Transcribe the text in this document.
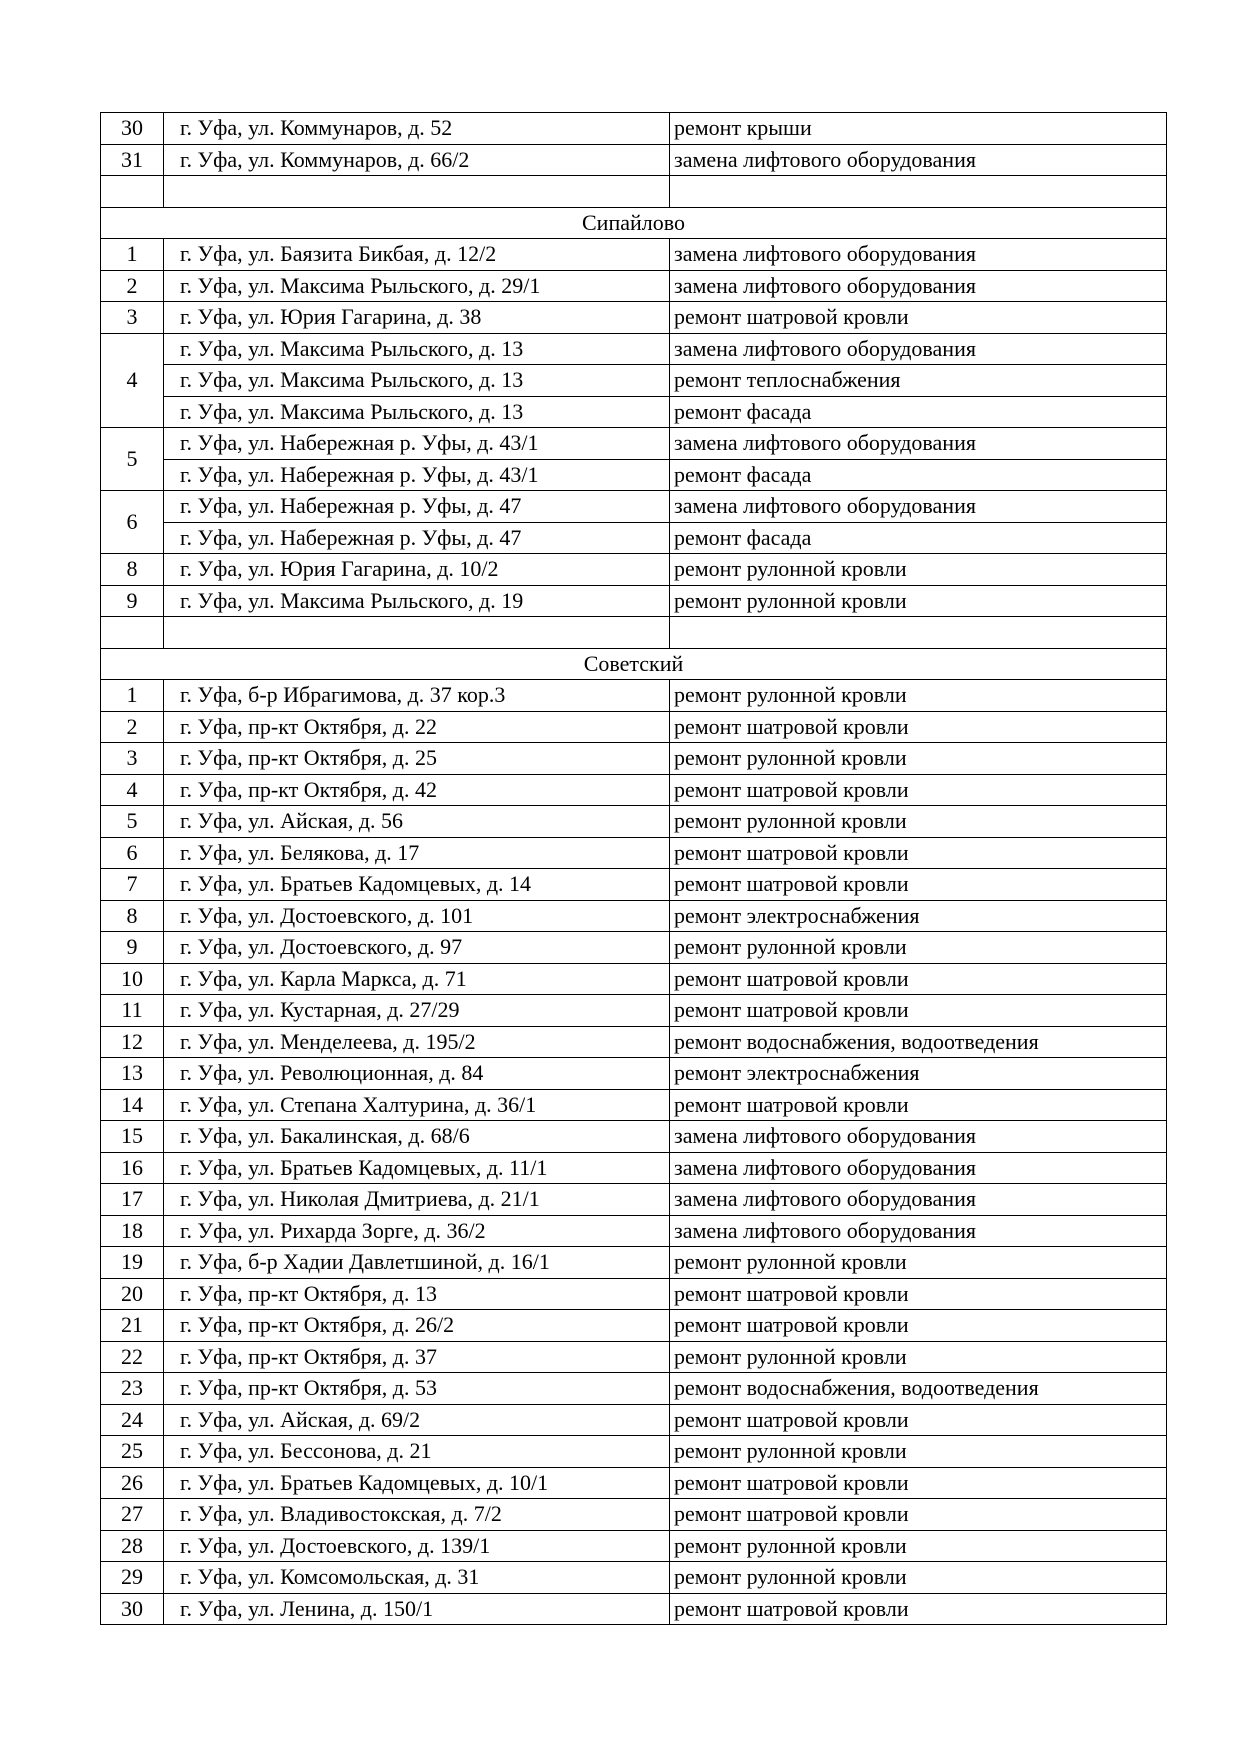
30	г. Уфа, ул. Коммунаров, д. 52	ремонт крыши
31	г. Уфа, ул. Коммунаров, д. 66/2	замена лифтового оборудования

Сипайлово		
1	г. Уфа, ул. Баязита Бикбая, д. 12/2	замена лифтового оборудования
2	г. Уфа, ул. Максима Рыльского, д. 29/1	замена лифтового оборудования
3	г. Уфа, ул. Юрия Гагарина, д. 38	ремонт шатровой кровли
4	г. Уфа, ул. Максима Рыльского, д. 13	замена лифтового оборудования
	г. Уфа, ул. Максима Рыльского, д. 13	ремонт теплоснабжения
	г. Уфа, ул. Максима Рыльского, д. 13	ремонт фасада
5	г. Уфа, ул. Набережная р. Уфы, д. 43/1	замена лифтового оборудования
	г. Уфа, ул. Набережная р. Уфы, д. 43/1	ремонт фасада
6	г. Уфа, ул. Набережная р. Уфы, д. 47	замена лифтового оборудования
	г. Уфа, ул. Набережная р. Уфы, д. 47	ремонт фасада
8	г. Уфа, ул. Юрия Гагарина, д. 10/2	ремонт рулонной кровли
9	г. Уфа, ул. Максима Рыльского, д. 19	ремонт рулонной кровли

Советский		
1	г. Уфа, б-р Ибрагимова, д. 37 кор.3	ремонт рулонной кровли
2	г. Уфа, пр-кт Октября, д. 22	ремонт шатровой кровли
3	г. Уфа, пр-кт Октября, д. 25	ремонт рулонной кровли
4	г. Уфа, пр-кт Октября, д. 42	ремонт шатровой кровли
5	г. Уфа, ул. Айская, д. 56	ремонт рулонной кровли
6	г. Уфа, ул. Белякова, д. 17	ремонт шатровой кровли
7	г. Уфа, ул. Братьев Кадомцевых, д. 14	ремонт шатровой кровли
8	г. Уфа, ул. Достоевского, д. 101	ремонт электроснабжения
9	г. Уфа, ул. Достоевского, д. 97	ремонт рулонной кровли
10	г. Уфа, ул. Карла Маркса, д. 71	ремонт шатровой кровли
11	г. Уфа, ул. Кустарная, д. 27/29	ремонт шатровой кровли
12	г. Уфа, ул. Менделеева, д. 195/2	ремонт водоснабжения, водоотведения
13	г. Уфа, ул. Революционная, д. 84	ремонт электроснабжения
14	г. Уфа, ул. Степана Халтурина, д. 36/1	ремонт шатровой кровли
15	г. Уфа, ул. Бакалинская, д. 68/6	замена лифтового оборудования
16	г. Уфа, ул. Братьев Кадомцевых, д. 11/1	замена лифтового оборудования
17	г. Уфа, ул. Николая Дмитриева, д. 21/1	замена лифтового оборудования
18	г. Уфа, ул. Рихарда Зорге, д. 36/2	замена лифтового оборудования
19	г. Уфа, б-р Хадии Давлетшиной, д. 16/1	ремонт рулонной кровли
20	г. Уфа, пр-кт Октября, д. 13	ремонт шатровой кровли
21	г. Уфа, пр-кт Октября, д. 26/2	ремонт шатровой кровли
22	г. Уфа, пр-кт Октября, д. 37	ремонт рулонной кровли
23	г. Уфа, пр-кт Октября, д. 53	ремонт водоснабжения, водоотведения
24	г. Уфа, ул. Айская, д. 69/2	ремонт шатровой кровли
25	г. Уфа, ул. Бессонова, д. 21	ремонт рулонной кровли
26	г. Уфа, ул. Братьев Кадомцевых, д. 10/1	ремонт шатровой кровли
27	г. Уфа, ул. Владивостокская, д. 7/2	ремонт шатровой кровли
28	г. Уфа, ул. Достоевского, д. 139/1	ремонт рулонной кровли
29	г. Уфа, ул. Комсомольская, д. 31	ремонт рулонной кровли
30	г. Уфа, ул. Ленина, д. 150/1	ремонт шатровой кровли
